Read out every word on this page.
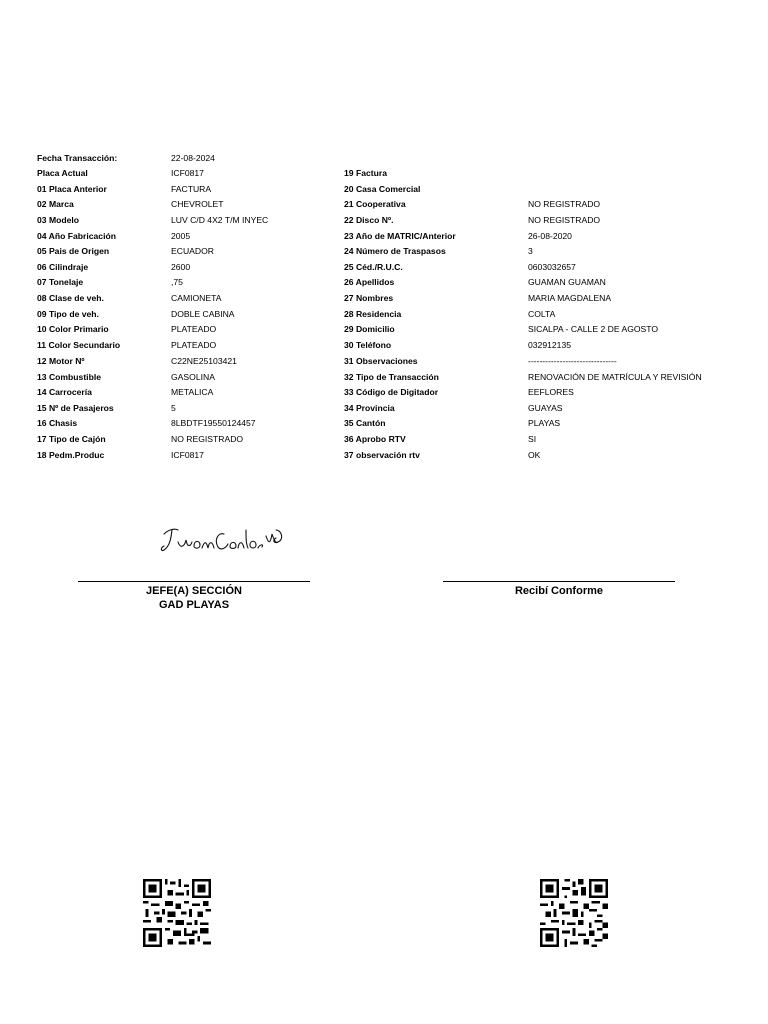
Fecha Transacción:	22-08-2024
Placa Actual	ICF0817
01 Placa Anterior	FACTURA
02 Marca	CHEVROLET
03 Modelo	LUV C/D 4X2 T/M INYEC
04 Año Fabricación	2005
05 Pais de Origen	ECUADOR
06 Cilindraje	2600
07 Tonelaje	,75
08 Clase de veh.	CAMIONETA
09 Tipo de veh.	DOBLE CABINA
10 Color Primario	PLATEADO
11 Color Secundario	PLATEADO
12 Motor Nº	C22NE25103421
13 Combustible	GASOLINA
14 Carrocería	METALICA
15 Nº de Pasajeros	5
16 Chasis	8LBDTF19550124457
17 Tipo de Cajón	NO REGISTRADO
18 Pedm.Produc	ICF0817
19 Factura
20 Casa Comercial
21 Cooperativa	NO REGISTRADO
22 Disco Nº.	NO REGISTRADO
23 Año de MATRIC/Anterior	26-08-2020
24 Número de Traspasos	3
25 Céd./R.U.C.	0603032657
26 Apellidos	GUAMAN GUAMAN
27 Nombres	MARIA MAGDALENA
28 Residencia	COLTA
29 Domicilio	SICALPA - CALLE 2 DE AGOSTO
30 Teléfono	032912135
31 Observaciones	-------------------------------
32 Tipo de Transacción	RENOVACIÓN DE MATRÍCULA Y REVISIÓN
33 Código de Digitador	EEFLORES
34 Provincia	GUAYAS
35 Cantón	PLAYAS
36 Aprobo RTV	SI
37 observación rtv	OK
JEFE(A) SECCIÓN
GAD PLAYAS
Recibí Conforme
